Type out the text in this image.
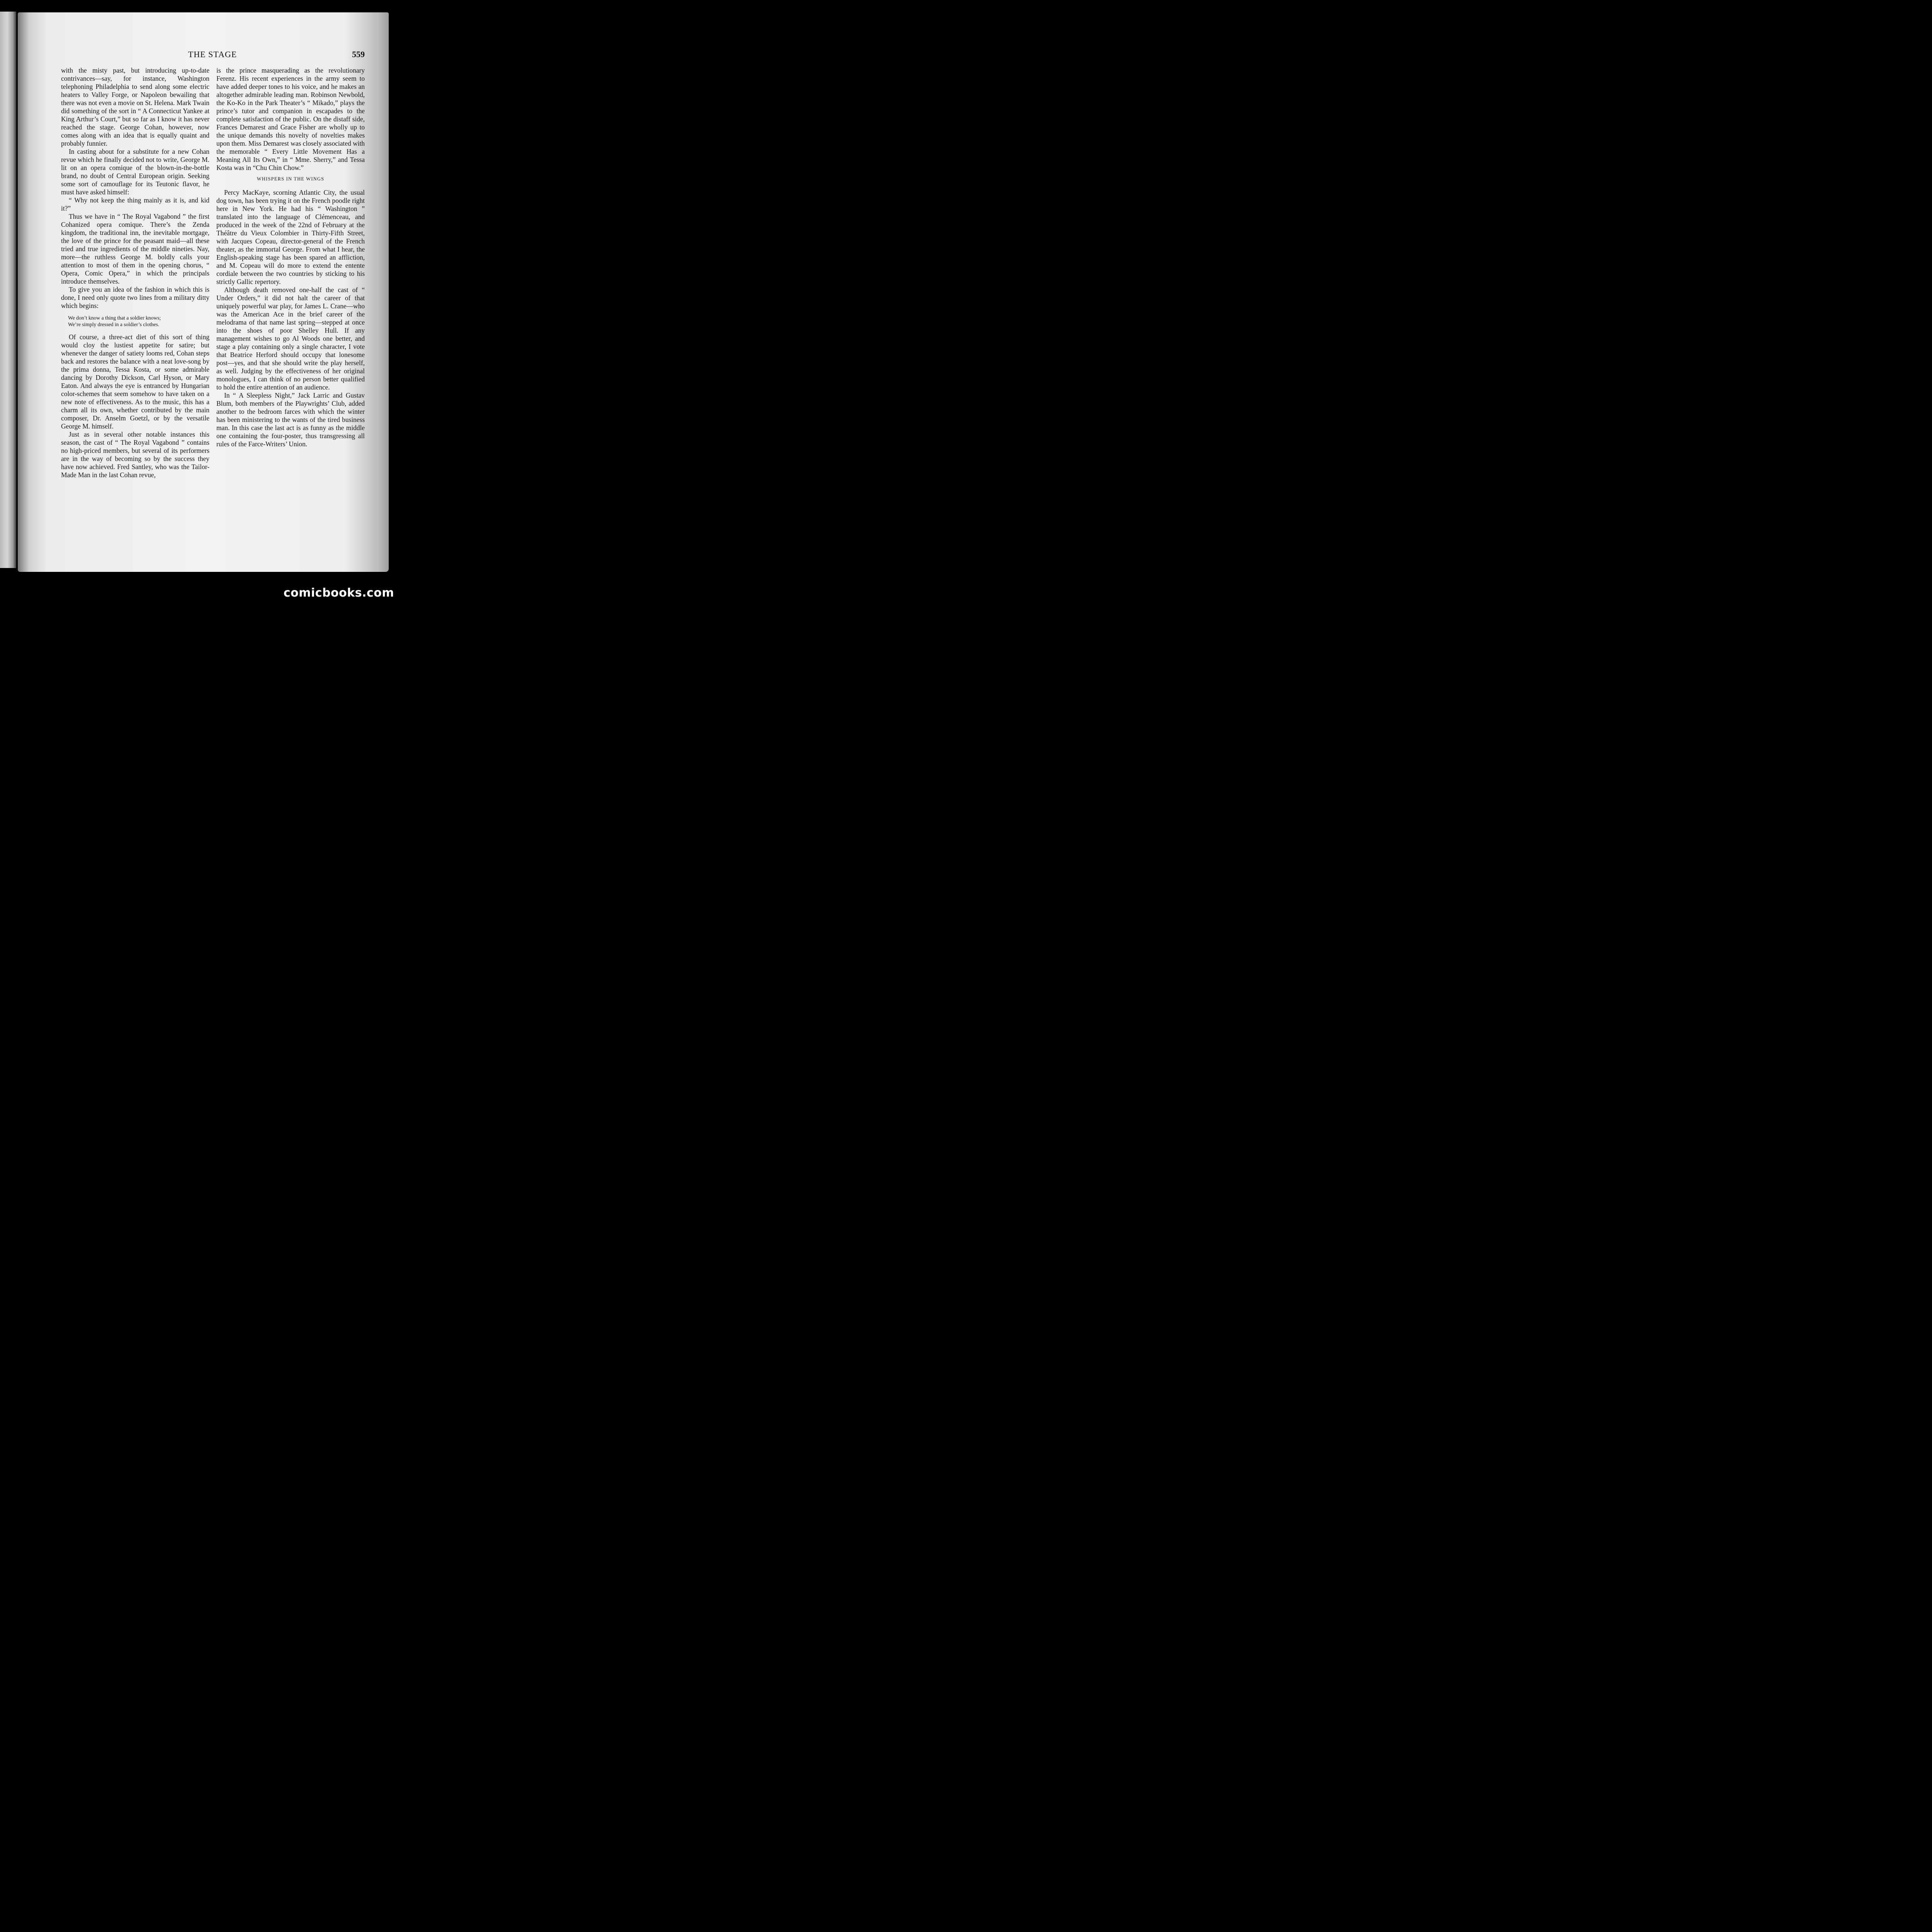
THE STAGE	559

with the misty past, but introducing up-to-date contrivances—say, for instance, Washington telephoning Philadelphia to send along some electric heaters to Valley Forge, or Napoleon bewailing that there was not even a movie on St. Helena. Mark Twain did something of the sort in “ A Connecticut Yankee at King Arthur’s Court,” but so far as I know it has never reached the stage. George Cohan, however, now comes along with an idea that is equally quaint and probably funnier.

In casting about for a substitute for a new Cohan revue which he finally decided not to write, George M. lit on an opera comique of the blown-in-the-bottle brand, no doubt of Central European origin. Seeking some sort of camouflage for its Teutonic flavor, he must have asked himself:

“ Why not keep the thing mainly as it is, and kid it?”

Thus we have in “ The Royal Vagabond ” the first Cohanized opera comique. There’s the Zenda kingdom, the traditional inn, the inevitable mortgage, the love of the prince for the peasant maid—all these tried and true ingredients of the middle nineties. Nay, more—the ruthless George M. boldly calls your attention to most of them in the opening chorus, “ Opera, Comic Opera,” in which the principals introduce themselves.

To give you an idea of the fashion in which this is done, I need only quote two lines from a military ditty which begins:

We don’t know a thing that a soldier knows;
We’re simply dressed in a soldier’s clothes.

Of course, a three-act diet of this sort of thing would cloy the lustiest appetite for satire; but whenever the danger of satiety looms red, Cohan steps back and restores the balance with a neat love-song by the prima donna, Tessa Kosta, or some admirable dancing by Dorothy Dickson, Carl Hyson, or Mary Eaton. And always the eye is entranced by Hungarian color-schemes that seem somehow to have taken on a new note of effectiveness. As to the music, this has a charm all its own, whether contributed by the main composer, Dr. Anselm Goetzl, or by the versatile George M. himself.

Just as in several other notable instances this season, the cast of “ The Royal Vagabond ” contains no high-priced members, but several of its performers are in the way of becoming so by the success they have now achieved. Fred Santley, who was the Tailor-Made Man in the last Cohan revue,

is the prince masquerading as the revolutionary Ferenz. His recent experiences in the army seem to have added deeper tones to his voice, and he makes an altogether admirable leading man. Robinson Newbold, the Ko-Ko in the Park Theater’s “ Mikado,” plays the prince’s tutor and companion in escapades to the complete satisfaction of the public. On the distaff side, Frances Demarest and Grace Fisher are wholly up to the unique demands this novelty of novelties makes upon them. Miss Demarest was closely associated with the memorable “ Every Little Movement Has a Meaning All Its Own,” in “ Mme. Sherry,” and Tessa Kosta was in “Chu Chin Chow.”

WHISPERS IN THE WINGS

Percy MacKaye, scorning Atlantic City, the usual dog town, has been trying it on the French poodle right here in New York. He had his “ Washington ” translated into the language of Clémenceau, and produced in the week of the 22nd of February at the Théâtre du Vieux Colombier in Thirty-Fifth Street, with Jacques Copeau, director-general of the French theater, as the immortal George. From what I hear, the English-speaking stage has been spared an affliction, and M. Copeau will do more to extend the entente cordiale between the two countries by sticking to his strictly Gallic repertory.

Although death removed one-half the cast of “ Under Orders,” it did not halt the career of that uniquely powerful war play, for James L. Crane—who was the American Ace in the brief career of the melodrama of that name last spring—stepped at once into the shoes of poor Shelley Hull. If any management wishes to go Al Woods one better, and stage a play containing only a single character, I vote that Beatrice Herford should occupy that lonesome post—yes, and that she should write the play herself, as well. Judging by the effectiveness of her original monologues, I can think of no person better qualified to hold the entire attention of an audience.

In “ A Sleepless Night,” Jack Larric and Gustav Blum, both members of the Playwrights’ Club, added another to the bedroom farces with which the winter has been ministering to the wants of the tired business man. In this case the last act is as funny as the middle one containing the four-poster, thus transgressing all rules of the Farce-Writers’ Union.

comicbooks.com
